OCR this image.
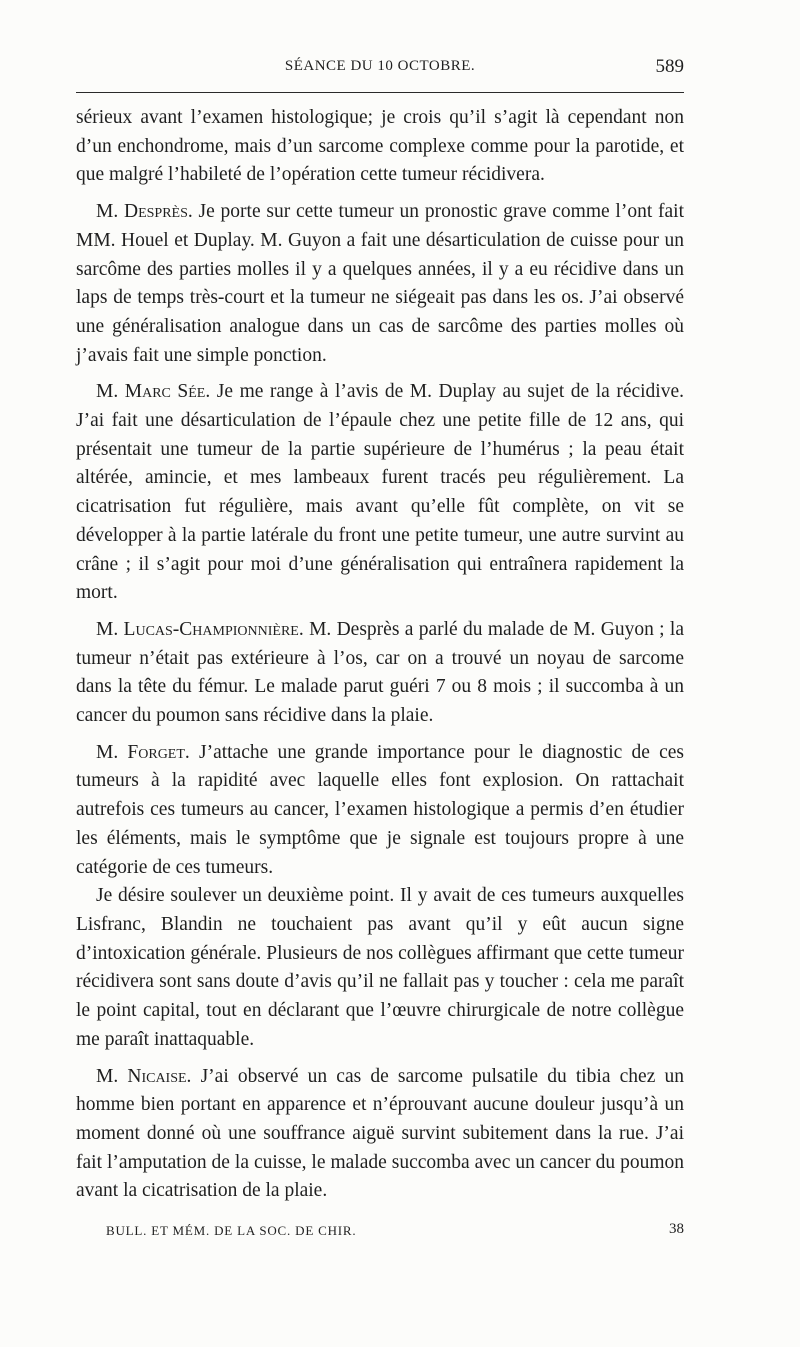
SÉANCE DU 10 OCTOBRE.	589

sérieux avant l’examen histologique; je crois qu’il s’agit là cependant non d’un enchondrome, mais d’un sarcome complexe comme pour la parotide, et que malgré l’habileté de l’opération cette tumeur récidivera.

M. Desprès. Je porte sur cette tumeur un pronostic grave comme l’ont fait MM. Houel et Duplay. M. Guyon a fait une désarticulation de cuisse pour un sarcôme des parties molles il y a quelques années, il y a eu récidive dans un laps de temps très-court et la tumeur ne siégeait pas dans les os. J’ai observé une généralisation analogue dans un cas de sarcôme des parties molles où j’avais fait une simple ponction.

M. Marc Sée. Je me range à l’avis de M. Duplay au sujet de la récidive. J’ai fait une désarticulation de l’épaule chez une petite fille de 12 ans, qui présentait une tumeur de la partie supérieure de l’humérus ; la peau était altérée, amincie, et mes lambeaux furent tracés peu régulièrement. La cicatrisation fut régulière, mais avant qu’elle fût complète, on vit se développer à la partie latérale du front une petite tumeur, une autre survint au crâne ; il s’agit pour moi d’une généralisation qui entraînera rapidement la mort.

M. Lucas-Championnière. M. Desprès a parlé du malade de M. Guyon ; la tumeur n’était pas extérieure à l’os, car on a trouvé un noyau de sarcome dans la tête du fémur. Le malade parut guéri 7 ou 8 mois ; il succomba à un cancer du poumon sans récidive dans la plaie.

M. Forget. J’attache une grande importance pour le diagnostic de ces tumeurs à la rapidité avec laquelle elles font explosion. On rattachait autrefois ces tumeurs au cancer, l’examen histologique a permis d’en étudier les éléments, mais le symptôme que je signale est toujours propre à une catégorie de ces tumeurs.

Je désire soulever un deuxième point. Il y avait de ces tumeurs auxquelles Lisfranc, Blandin ne touchaient pas avant qu’il y eût aucun signe d’intoxication générale. Plusieurs de nos collègues affirmant que cette tumeur récidivera sont sans doute d’avis qu’il ne fallait pas y toucher : cela me paraît le point capital, tout en déclarant que l’œuvre chirurgicale de notre collègue me paraît inattaquable.

M. Nicaise. J’ai observé un cas de sarcome pulsatile du tibia chez un homme bien portant en apparence et n’éprouvant aucune douleur jusqu’à un moment donné où une souffrance aiguë survint subitement dans la rue. J’ai fait l’amputation de la cuisse, le malade succomba avec un cancer du poumon avant la cicatrisation de la plaie.

BULL. ET MÉM. DE LA SOC. DE CHIR.	38
